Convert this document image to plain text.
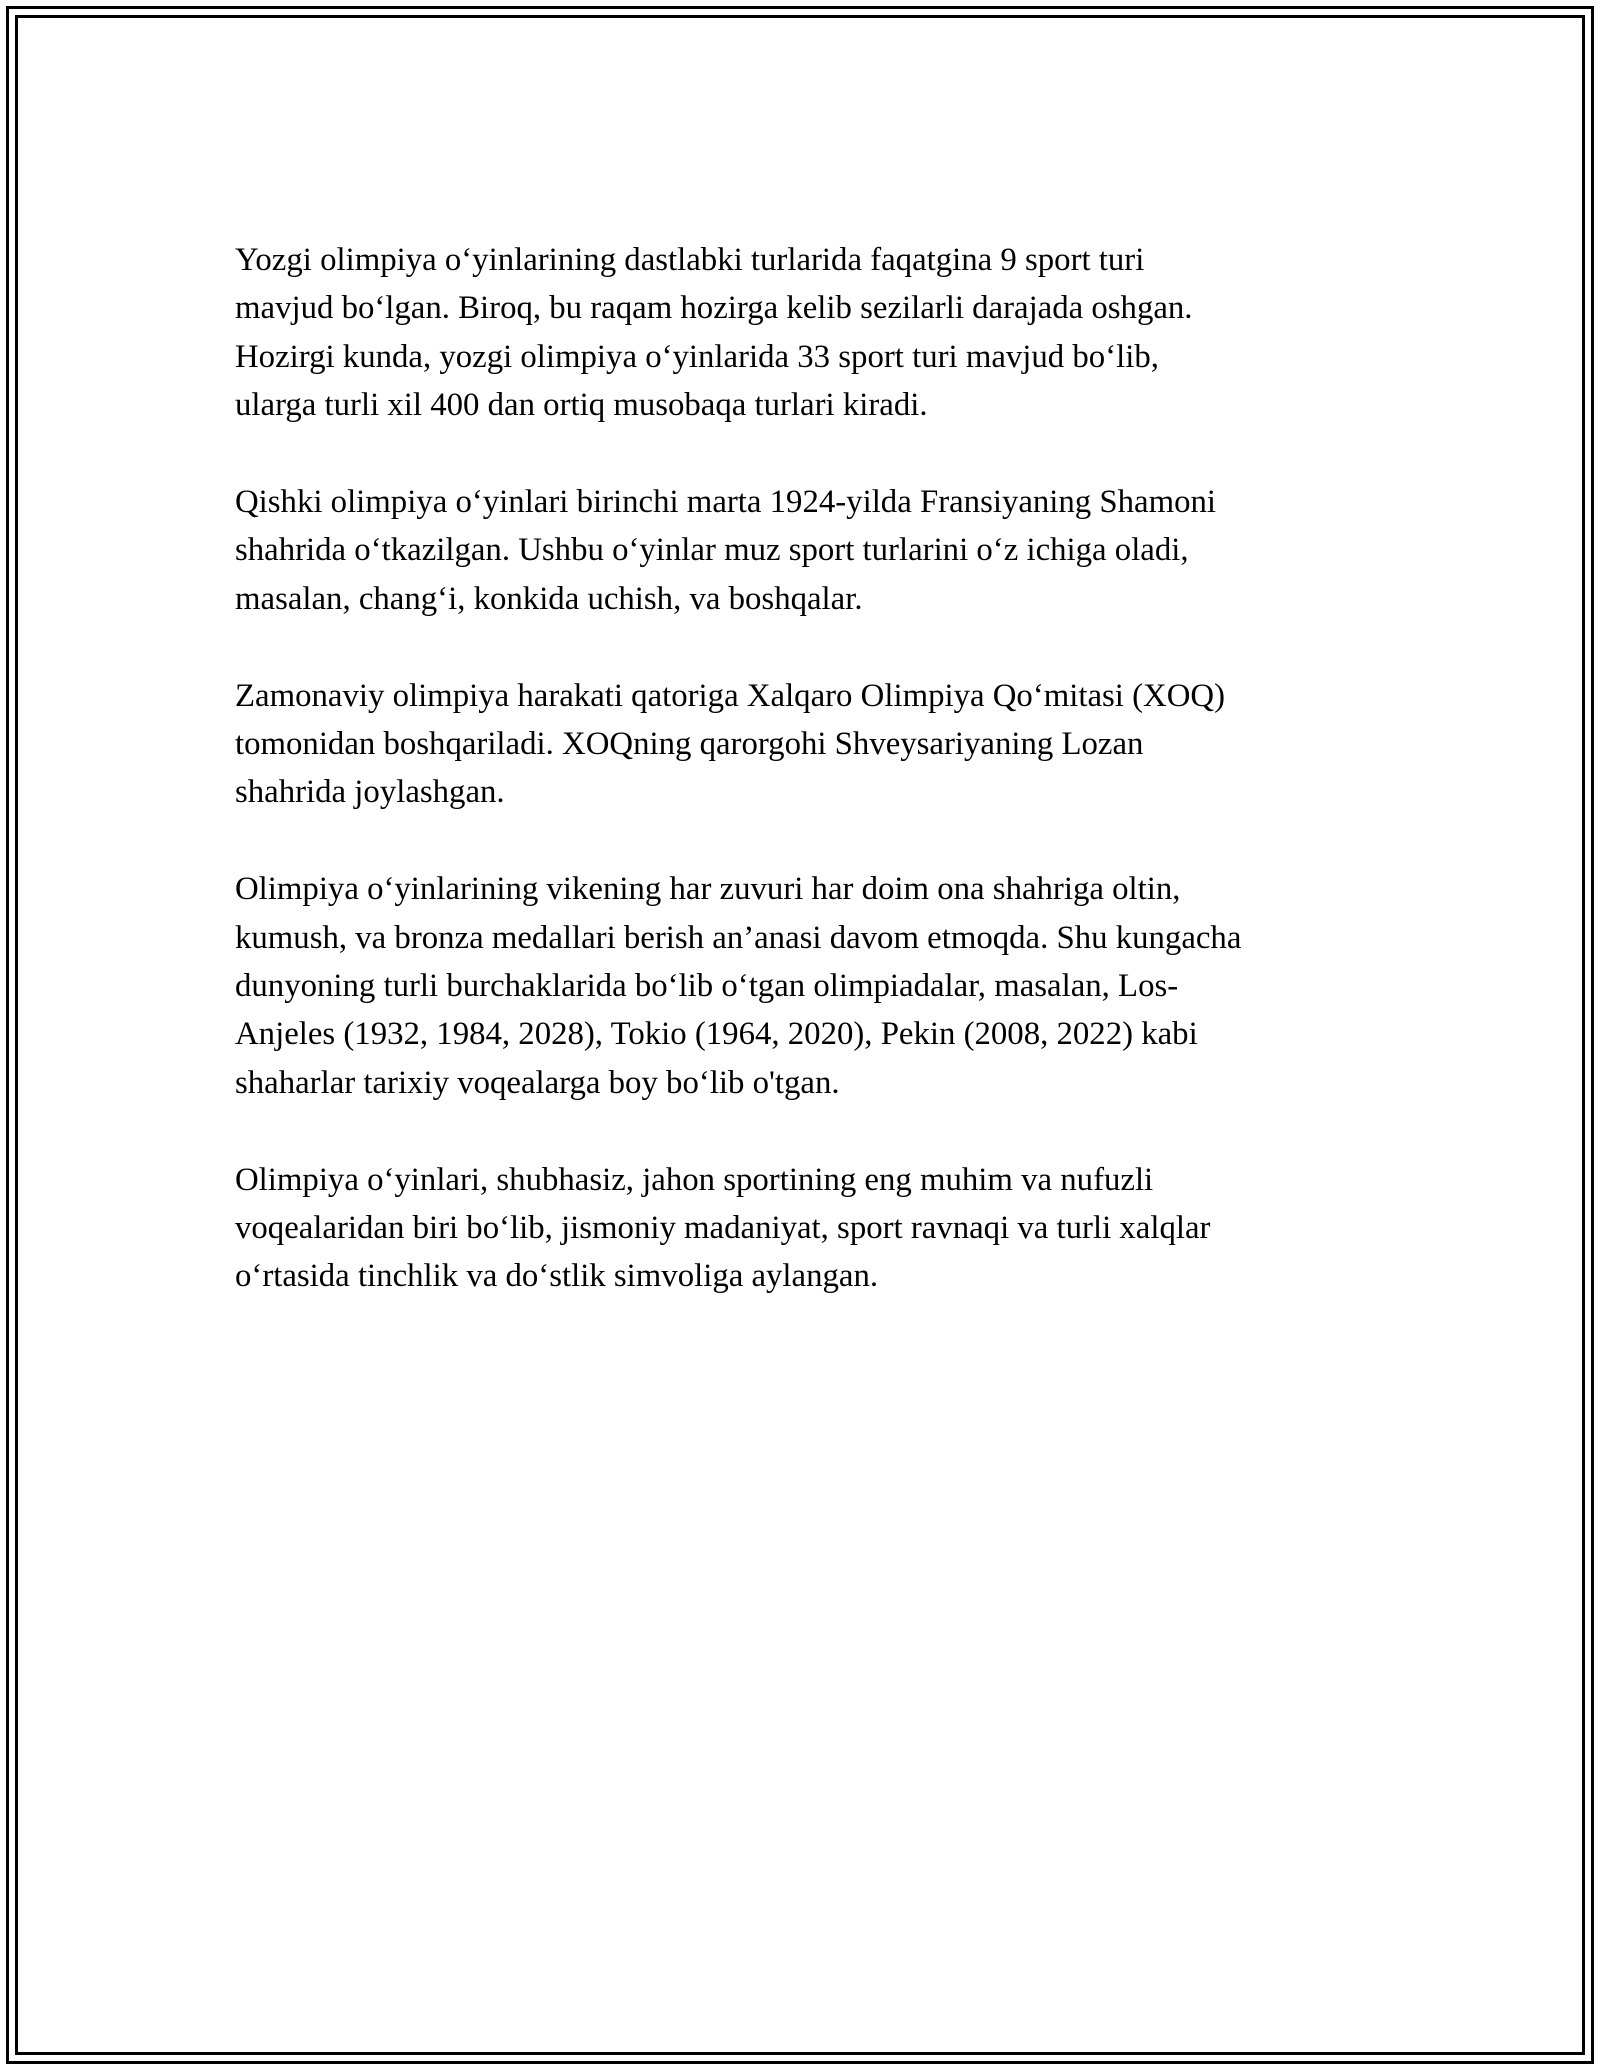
Yozgi olimpiya o‘yinlarining dastlabki turlarida faqatgina 9 sport turi
mavjud bo‘lgan. Biroq, bu raqam hozirga kelib sezilarli darajada oshgan.
Hozirgi kunda, yozgi olimpiya o‘yinlarida 33 sport turi mavjud bo‘lib,
ularga turli xil 400 dan ortiq musobaqa turlari kiradi.

Qishki olimpiya o‘yinlari birinchi marta 1924-yilda Fransiyaning Shamoni
shahrida o‘tkazilgan. Ushbu o‘yinlar muz sport turlarini o‘z ichiga oladi,
masalan, chang‘i, konkida uchish, va boshqalar.

Zamonaviy olimpiya harakati qatoriga Xalqaro Olimpiya Qo‘mitasi (XOQ)
tomonidan boshqariladi. XOQning qarorgohi Shveysariyaning Lozan
shahrida joylashgan.

Olimpiya o‘yinlarining vikening har zuvuri har doim ona shahriga oltin,
kumush, va bronza medallari berish an’anasi davom etmoqda. Shu kungacha
dunyoning turli burchaklarida bo‘lib o‘tgan olimpiadalar, masalan, Los-
Anjeles (1932, 1984, 2028), Tokio (1964, 2020), Pekin (2008, 2022) kabi
shaharlar tarixiy voqealarga boy bo‘lib o'tgan.

Olimpiya o‘yinlari, shubhasiz, jahon sportining eng muhim va nufuzli
voqealaridan biri bo‘lib, jismoniy madaniyat, sport ravnaqi va turli xalqlar
o‘rtasida tinchlik va do‘stlik simvoliga aylangan.
